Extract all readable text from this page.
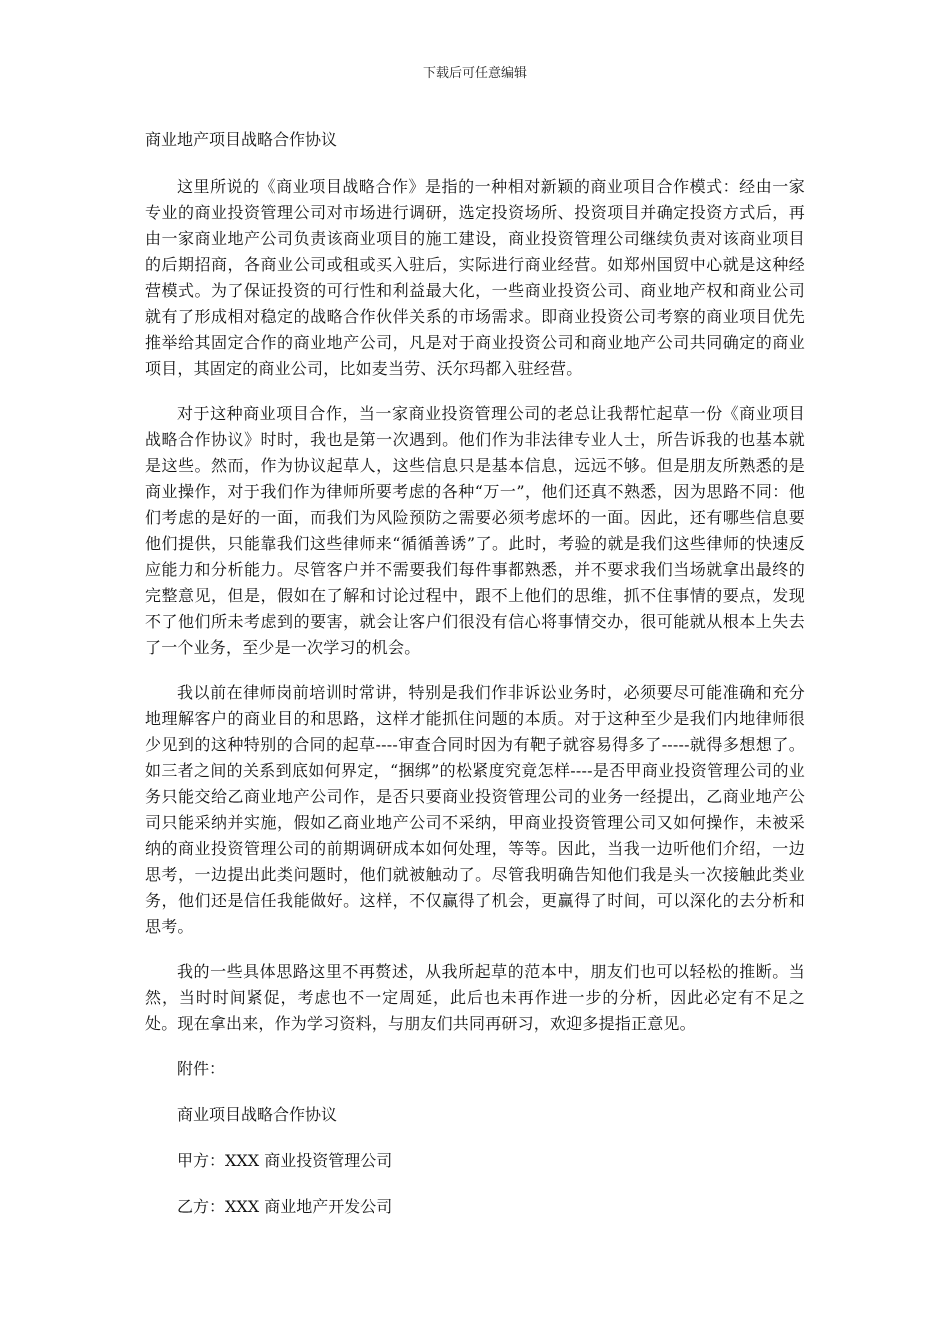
下载后可任意编辑
商业地产项目战略合作协议

这里所说的《商业项目战略合作》是指的一种相对新颖的商业项目合作模式：经由一家专业的商业投资管理公司对市场进行调研，选定投资场所、投资项目并确定投资方式后，再由一家商业地产公司负责该商业项目的施工建设，商业投资管理公司继续负责对该商业项目的后期招商，各商业公司或租或买入驻后，实际进行商业经营。如郑州国贸中心就是这种经营模式。为了保证投资的可行性和利益最大化，一些商业投资公司、商业地产权和商业公司就有了形成相对稳定的战略合作伙伴关系的市场需求。即商业投资公司考察的商业项目优先推举给其固定合作的商业地产公司，凡是对于商业投资公司和商业地产公司共同确定的商业项目，其固定的商业公司，比如麦当劳、沃尔玛都入驻经营。

对于这种商业项目合作，当一家商业投资管理公司的老总让我帮忙起草一份《商业项目战略合作协议》时时，我也是第一次遇到。他们作为非法律专业人士，所告诉我的也基本就是这些。然而，作为协议起草人，这些信息只是基本信息，远远不够。但是朋友所熟悉的是商业操作，对于我们作为律师所要考虑的各种“万一”，他们还真不熟悉，因为思路不同：他们考虑的是好的一面，而我们为风险预防之需要必须考虑坏的一面。因此，还有哪些信息要他们提供，只能靠我们这些律师来“循循善诱”了。此时，考验的就是我们这些律师的快速反应能力和分析能力。尽管客户并不需要我们每件事都熟悉，并不要求我们当场就拿出最终的完整意见，但是，假如在了解和讨论过程中，跟不上他们的思维，抓不住事情的要点，发现不了他们所未考虑到的要害，就会让客户们很没有信心将事情交办，很可能就从根本上失去了一个业务，至少是一次学习的机会。

我以前在律师岗前培训时常讲，特别是我们作非诉讼业务时，必须要尽可能准确和充分地理解客户的商业目的和思路，这样才能抓住问题的本质。对于这种至少是我们内地律师很少见到的这种特别的合同的起草----审查合同时因为有靶子就容易得多了-----就得多想想了。如三者之间的关系到底如何界定，“捆绑”的松紧度究竟怎样----是否甲商业投资管理公司的业务只能交给乙商业地产公司作，是否只要商业投资管理公司的业务一经提出，乙商业地产公司只能采纳并实施，假如乙商业地产公司不采纳，甲商业投资管理公司又如何操作，未被采纳的商业投资管理公司的前期调研成本如何处理，等等。因此，当我一边听他们介绍，一边思考，一边提出此类问题时，他们就被触动了。尽管我明确告知他们我是头一次接触此类业务，他们还是信任我能做好。这样，不仅赢得了机会，更赢得了时间，可以深化的去分析和思考。

我的一些具体思路这里不再赘述，从我所起草的范本中，朋友们也可以轻松的推断。当然，当时时间紧促，考虑也不一定周延，此后也未再作进一步的分析，因此必定有不足之处。现在拿出来，作为学习资料，与朋友们共同再研习，欢迎多提指正意见。

附件：
商业项目战略合作协议
甲方：XXX 商业投资管理公司
乙方：XXX 商业地产开发公司
